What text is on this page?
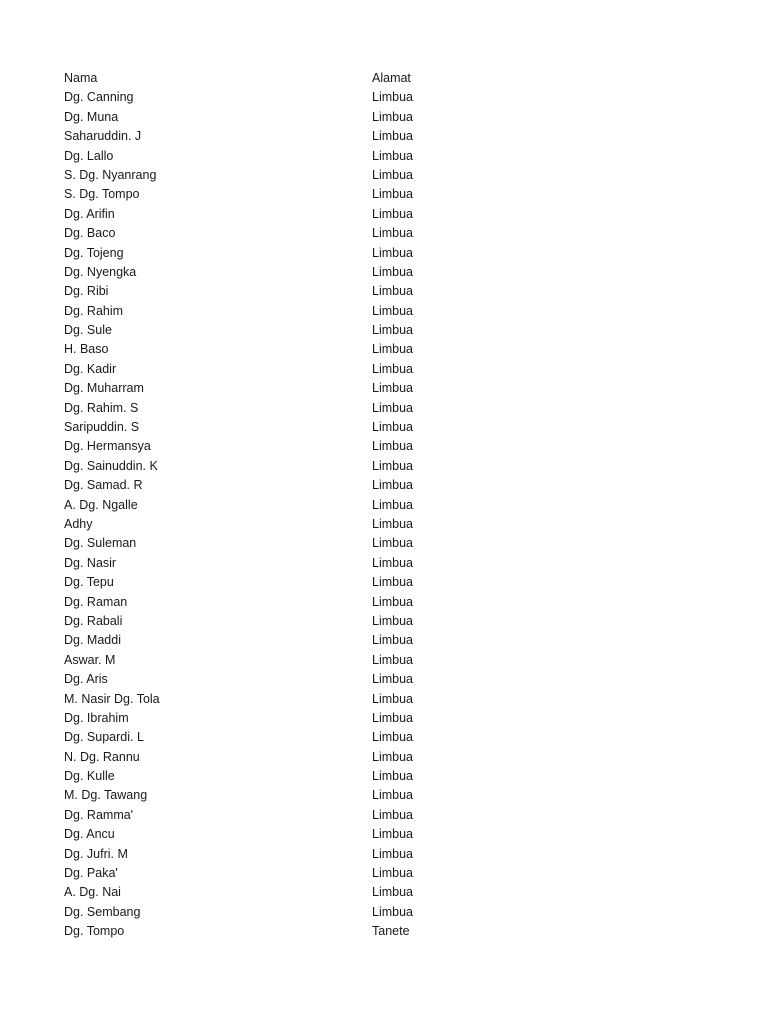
Nama	Alamat
Dg. Canning	Limbua
Dg. Muna	Limbua
Saharuddin. J	Limbua
Dg. Lallo	Limbua
S. Dg. Nyanrang	Limbua
S. Dg. Tompo	Limbua
Dg. Arifin	Limbua
Dg. Baco	Limbua
Dg. Tojeng	Limbua
Dg. Nyengka	Limbua
Dg. Ribi	Limbua
Dg. Rahim	Limbua
Dg. Sule	Limbua
H. Baso	Limbua
Dg. Kadir	Limbua
Dg. Muharram	Limbua
Dg. Rahim. S	Limbua
Saripuddin. S	Limbua
Dg. Hermansya	Limbua
Dg. Sainuddin. K	Limbua
Dg. Samad. R	Limbua
A. Dg. Ngalle	Limbua
Adhy	Limbua
Dg. Suleman	Limbua
Dg. Nasir	Limbua
Dg. Tepu	Limbua
Dg. Raman	Limbua
Dg. Rabali	Limbua
Dg. Maddi	Limbua
Aswar. M	Limbua
Dg. Aris	Limbua
M. Nasir Dg. Tola	Limbua
Dg. Ibrahim	Limbua
Dg. Supardi. L	Limbua
N. Dg. Rannu	Limbua
Dg. Kulle	Limbua
M. Dg. Tawang	Limbua
Dg. Ramma'	Limbua
Dg. Ancu	Limbua
Dg. Jufri. M	Limbua
Dg. Paka'	Limbua
A. Dg. Nai	Limbua
Dg. Sembang	Limbua
Dg. Tompo	Tanete
